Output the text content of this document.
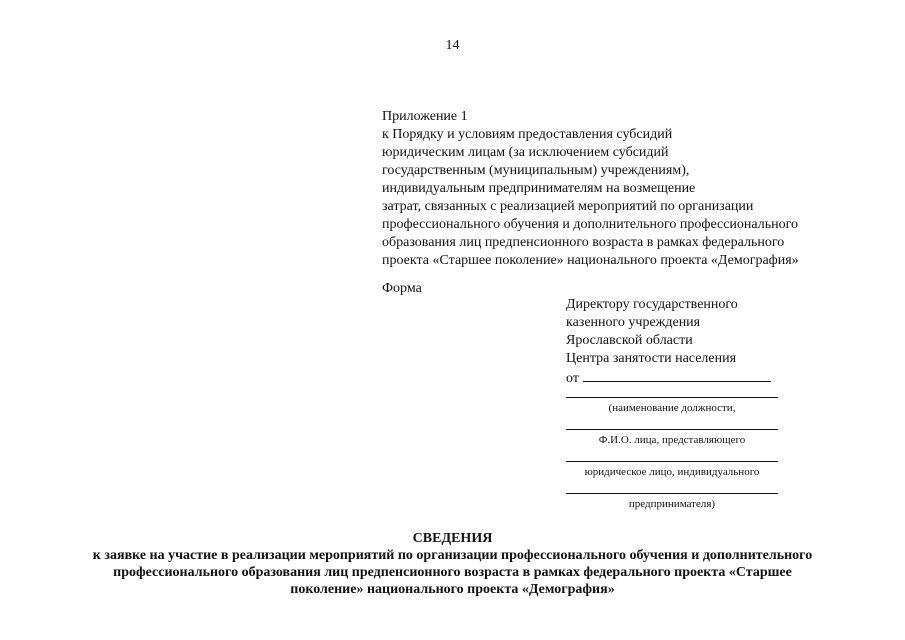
14
Приложение 1
к Порядку и условиям предоставления субсидий
юридическим лицам (за исключением субсидий
государственным (муниципальным) учреждениям),
индивидуальным предпринимателям на возмещение
затрат, связанных с реализацией мероприятий по организации
профессионального обучения и дополнительного профессионального
образования лиц предпенсионного возраста в рамках федерального
проекта «Старшее поколение» национального проекта «Демография»
Форма
Директору государственного
казенного учреждения
Ярославской области
Центра занятости населения
от
(наименование должности,
Ф.И.О. лица, представляющего
юридическое лицо, индивидуального
предпринимателя)
СВЕДЕНИЯ
к заявке на участие в реализации мероприятий по организации профессионального обучения и дополнительного
профессионального образования лиц предпенсионного возраста в рамках федерального проекта «Старшее
поколение» национального проекта «Демография»
